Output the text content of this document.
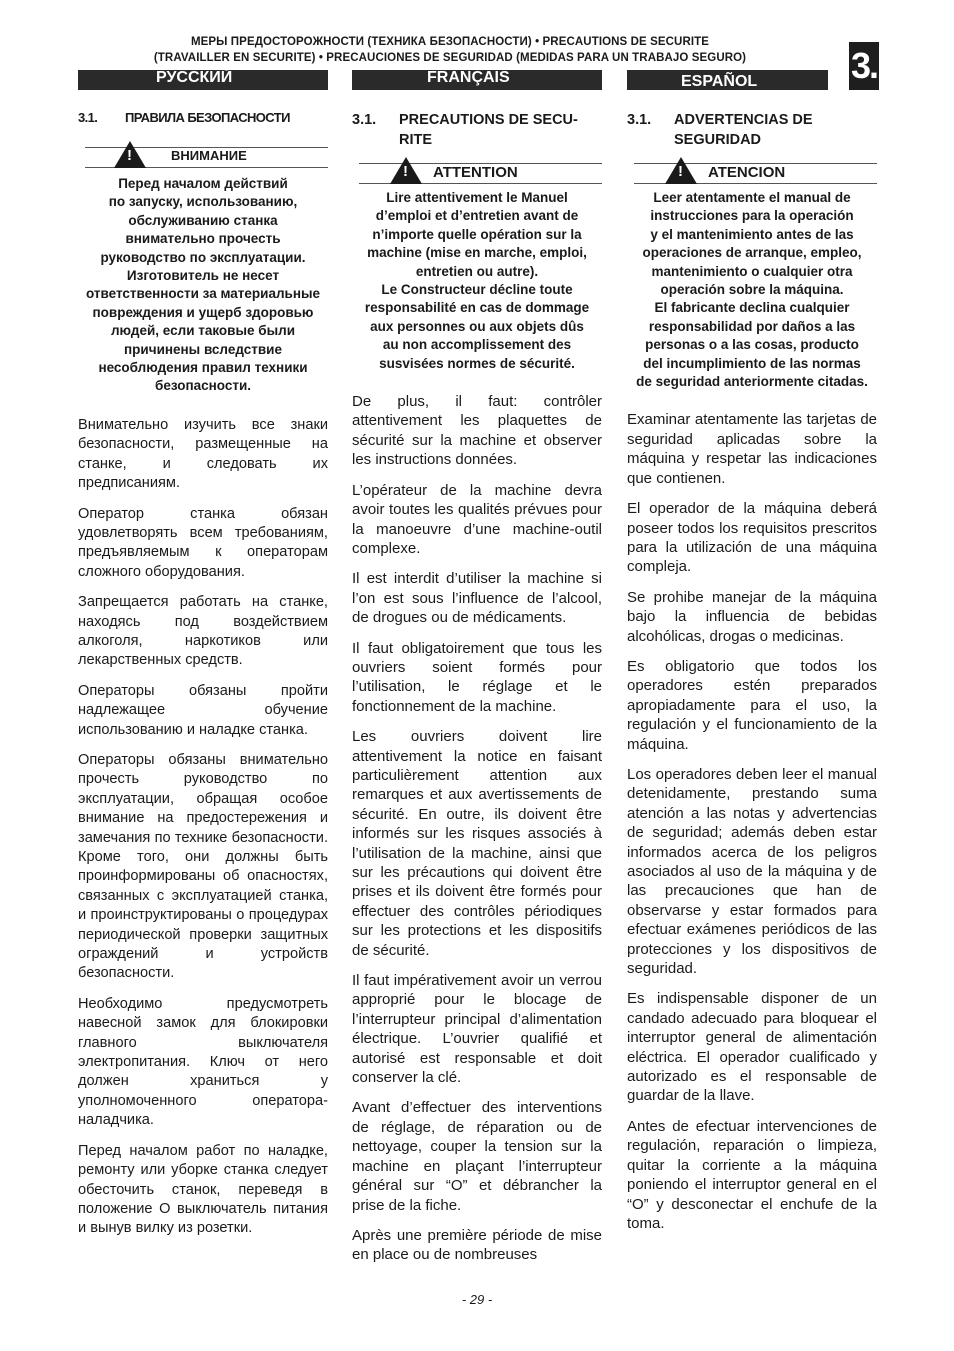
МЕРЫ ПРЕДОСТОРОЖНОСТИ (ТЕХНИКА БЕЗОПАСНОСТИ) • PRECAUTIONS DE SECURITE
(TRAVAILLER EN SECURITE) • PRECAUCIONES DE SEGURIDAD (MEDIDAS PARA UN TRABAJO SEGURO)	3.
РУССКИЙ	FRANÇAIS	ESPAÑOL
3.1. ПРАВИЛА БЕЗОПАСНОСТИ
!
ВНИМАНИЕ
Перед началом действий
по запуску, использованию,
обслуживанию станка
внимательно прочесть
руководство по эксплуатации.
Изготовитель не несет
ответственности за материальные
повреждения и ущерб здоровью
людей, если таковые были
причинены вследствие
несоблюдения правил техники
безопасности.

Внимательно изучить все знаки безопасности, размещенные на станке, и следовать их предписаниям.

Оператор станка обязан удовлетворять всем требованиям, предъявляемым к операторам сложного оборудования.

Запрещается работать на станке, находясь под воздействием алкоголя, наркотиков или лекарственных средств.

Операторы обязаны пройти надлежащее обучение использованию и наладке станка.

Операторы обязаны внимательно прочесть руководство по эксплуатации, обращая особое внимание на предостережения и замечания по технике безопасности. Кроме того, они должны быть проинформированы об опасностях, связанных с эксплуатацией станка, и проинструктированы о процедурах периодической проверки защитных ограждений и устройств безопасности.

Необходимо предусмотреть навесной замок для блокировки главного выключателя электропитания. Ключ от него должен храниться у уполномоченного оператора-наладчика.

Перед началом работ по наладке, ремонту или уборке станка следует обесточить станок, переведя в положение О выключатель питания и вынув вилку из розетки.

3.1. PRECAUTIONS DE SECU-RITE
!
ATTENTION
Lire attentivement le Manuel
d’emploi et d’entretien avant de
n’importe quelle opération sur la
machine (mise en marche, emploi,
entretien ou autre).
Le Constructeur décline toute
responsabilité en cas de dommage
aux personnes ou aux objets dûs
au non accomplissement des
susvisées normes de sécurité.

De plus, il faut: contrôler attentivement les plaquettes de sécurité sur la machine et observer les instructions données.

L’opérateur de la machine devra avoir toutes les qualités prévues pour la manoeuvre d’une machine-outil complexe.

Il est interdit d’utiliser la machine si l’on est sous l’influence de l’alcool, de drogues ou de médicaments.

Il faut obligatoirement que tous les ouvriers soient formés pour l’utilisation, le réglage et le fonctionnement de la machine.

Les ouvriers doivent lire attentivement la notice en faisant particulièrement attention aux remarques et aux avertissements de sécurité. En outre, ils doivent être informés sur les risques associés à l’utilisation de la machine, ainsi que sur les précautions qui doivent être prises et ils doivent être formés pour effectuer des contrôles périodiques sur les protections et les dispositifs de sécurité.

Il faut impérativement avoir un verrou approprié pour le blocage de l’interrupteur principal d’alimentation électrique. L’ouvrier qualifié et autorisé est responsable et doit conserver la clé.

Avant d’effectuer des interventions de réglage, de réparation ou de nettoyage, couper la tension sur la machine en plaçant l’interrupteur général sur “O” et débrancher la prise de la fiche.

Après une première période de mise en place ou de nombreuses

3.1. ADVERTENCIAS DE SEGURIDAD
!
ATENCION
Leer atentamente el manual de
instrucciones para la operación
y el mantenimiento antes de las
operaciones de arranque, empleo,
mantenimiento o cualquier otra
operación sobre la máquina.
El fabricante declina cualquier
responsabilidad por daños a las
personas o a las cosas, producto
del incumplimiento de las normas
de seguridad anteriormente citadas.

Examinar atentamente las tarjetas de seguridad aplicadas sobre la máquina y respetar las indicaciones que contienen.

El operador de la máquina deberá poseer todos los requisitos prescritos para la utilización de una máquina compleja.

Se prohibe manejar de la máquina bajo la influencia de bebidas alcohólicas, drogas o medicinas.

Es obligatorio que todos los operadores estén preparados apropiadamente para el uso, la regulación y el funcionamiento de la máquina.

Los operadores deben leer el manual detenidamente, prestando suma atención a las notas y advertencias de seguridad; además deben estar informados acerca de los peligros asociados al uso de la máquina y de las precauciones que han de observarse y estar formados para efectuar exámenes periódicos de las protecciones y los dispositivos de seguridad.

Es indispensable disponer de un candado adecuado para bloquear el interruptor general de alimentación eléctrica. El operador cualificado y autorizado es el responsable de guardar de la llave.

Antes de efectuar intervenciones de regulación, reparación o limpieza, quitar la corriente a la máquina poniendo el interruptor general en el “O” y desconectar el enchufe de la toma.

- 29 -
